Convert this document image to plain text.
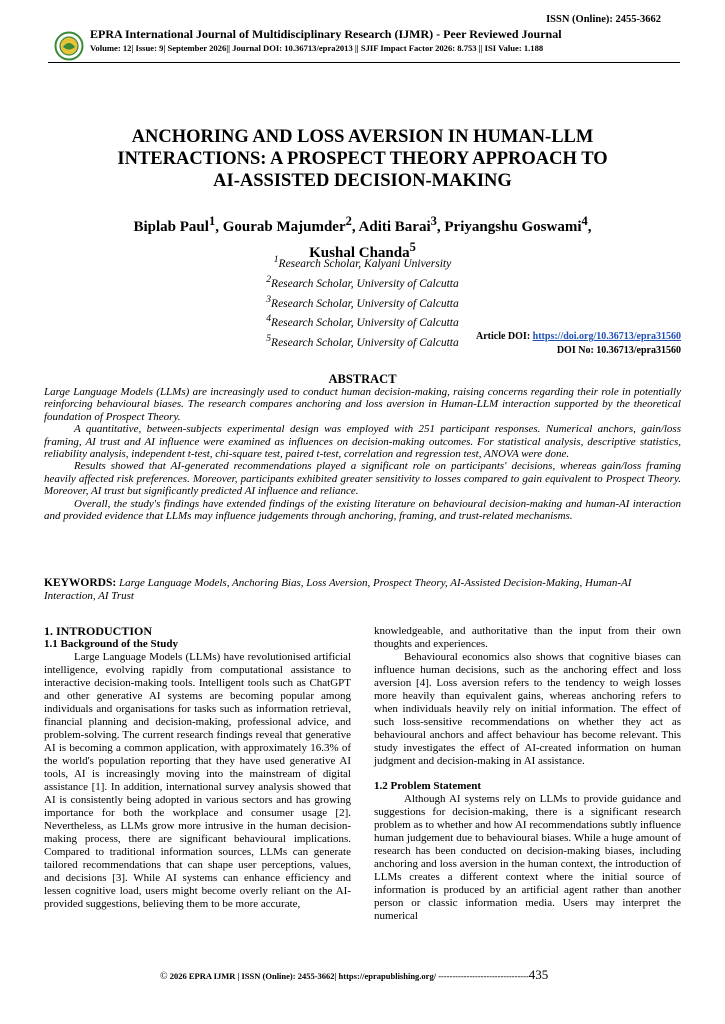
ISSN (Online): 2455-3662
EPRA International Journal of Multidisciplinary Research (IJMR) - Peer Reviewed Journal
Volume: 12| Issue: 9| September 2026|| Journal DOI: 10.36713/epra2013 || SJIF Impact Factor 2026: 8.753 || ISI Value: 1.188
ANCHORING AND LOSS AVERSION IN HUMAN-LLM
INTERACTIONS: A PROSPECT THEORY APPROACH TO
AI-ASSISTED DECISION-MAKING
Biplab Paul$^1$, Gourab Majumder$^2$, Aditi Barai$^3$, Priyangshu Goswami$^4$,
Kushal Chanda$^5$
$^1$Research Scholar, Kalyani University
$^2$Research Scholar, University of Calcutta
$^3$Research Scholar, University of Calcutta
$^4$Research Scholar, University of Calcutta
$^5$Research Scholar, University of Calcutta
Article DOI: https://doi.org/10.36713/epra31560
DOI No: 10.36713/epra31560
ABSTRACT

Large Language Models (LLMs) are increasingly used to conduct human decision-making, raising concerns regarding their role in potentially reinforcing behavioural biases. The research compares anchoring and loss aversion in Human-LLM interaction supported by the theoretical foundation of Prospect Theory.

A quantitative, between-subjects experimental design was employed with 251 participant responses. Numerical anchors, gain/loss framing, AI trust and AI influence were examined as influences on decision-making outcomes. For statistical analysis, descriptive statistics, reliability analysis, independent t-test, chi-square test, paired t-test, correlation and regression test, ANOVA were done.

Results showed that AI-generated recommendations played a significant role on participants' decisions, whereas gain/loss framing heavily affected risk preferences. Moreover, participants exhibited greater sensitivity to losses compared to gain equivalent to Prospect Theory. Moreover, AI trust but significantly predicted AI influence and reliance.

Overall, the study's findings have extended findings of the existing literature on behavioural decision-making and human-AI interaction and provided evidence that LLMs may influence judgements through anchoring, framing, and trust-related mechanisms.

KEYWORDS: Large Language Models, Anchoring Bias, Loss Aversion, Prospect Theory, AI-Assisted Decision-Making, Human-AI Interaction, AI Trust
1. INTRODUCTION
1.1 Background of the Study

Large Language Models (LLMs) have revolutionised artificial intelligence, evolving rapidly from computational assistance to interactive decision-making tools. Intelligent tools such as ChatGPT and other generative AI systems are becoming popular among individuals and organisations for tasks such as information retrieval, financial planning and decision-making, professional advice, and problem-solving. The current research findings reveal that generative AI is becoming a common application, with approximately 16.3% of the world's population reporting that they have used generative AI tools, AI is increasingly moving into the mainstream of digital assistance [1]. In addition, international survey analysis showed that AI is consistently being adopted in various sectors and has growing importance for both the workplace and consumer usage [2]. Nevertheless, as LLMs grow more intrusive in the human decision-making process, there are significant behavioural implications. Compared to traditional information sources, LLMs can generate tailored recommendations that can shape user perceptions, values, and decisions [3]. While AI systems can enhance efficiency and lessen cognitive load, users might become overly reliant on the AI-provided suggestions, believing them to be more accurate,

knowledgeable, and authoritative than the input from their own thoughts and experiences.

Behavioural economics also shows that cognitive biases can influence human decisions, such as the anchoring effect and loss aversion [4]. Loss aversion refers to the tendency to weigh losses more heavily than equivalent gains, whereas anchoring refers to when individuals heavily rely on initial information. The effect of such loss-sensitive recommendations on whether they act as behavioural anchors and affect behaviour has become relevant. This study investigates the effect of AI-created information on human judgment and decision-making in AI assistance.

1.2 Problem Statement

Although AI systems rely on LLMs to provide guidance and suggestions for decision-making, there is a significant research problem as to whether and how AI recommendations subtly influence human judgement due to behavioural biases. While a huge amount of research has been conducted on decision-making biases, including anchoring and loss aversion in the human context, the introduction of LLMs creates a different context where the initial source of information is produced by an artificial agent rather than another person or classic information media. Users may interpret the numerical

© 2026 EPRA IJMR | ISSN (Online): 2455-3662| https://eprapublishing.org/ --------------------------------435
